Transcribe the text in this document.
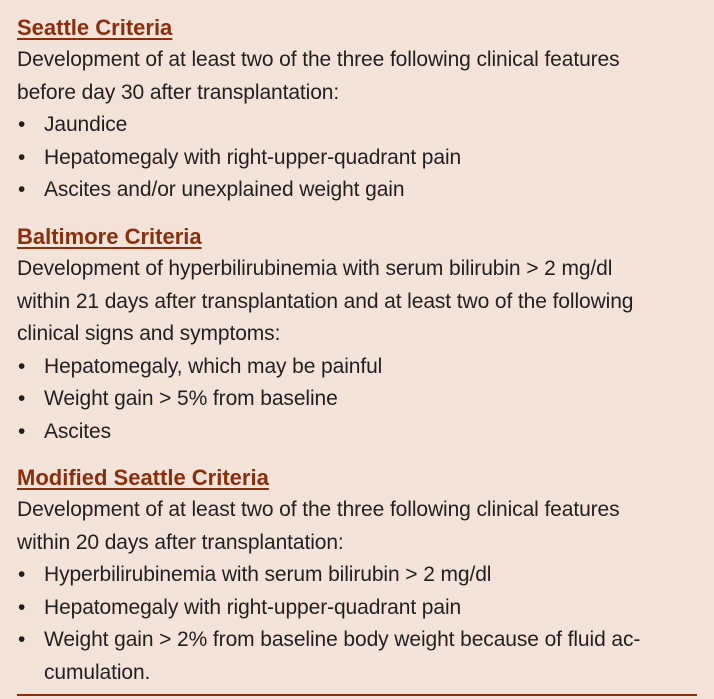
Seattle Criteria

Development of at least two of the three following clinical features
before day 30 after transplantation:

• Jaundice
• Hepatomegaly with right-upper-quadrant pain
• Ascites and/or unexplained weight gain
Baltimore Criteria

Development of hyperbilirubinemia with serum bilirubin > 2 mg/dl
within 21 days after transplantation and at least two of the following
clinical signs and symptoms:

• Hepatomegaly, which may be painful
• Weight gain > 5% from baseline
• Ascites
Modified Seattle Criteria

Development of at least two of the three following clinical features
within 20 days after transplantation:

• Hyperbilirubinemia with serum bilirubin > 2 mg/dl
• Hepatomegaly with right-upper-quadrant pain
• Weight gain > 2% from baseline body weight because of fluid ac-
cumulation.
